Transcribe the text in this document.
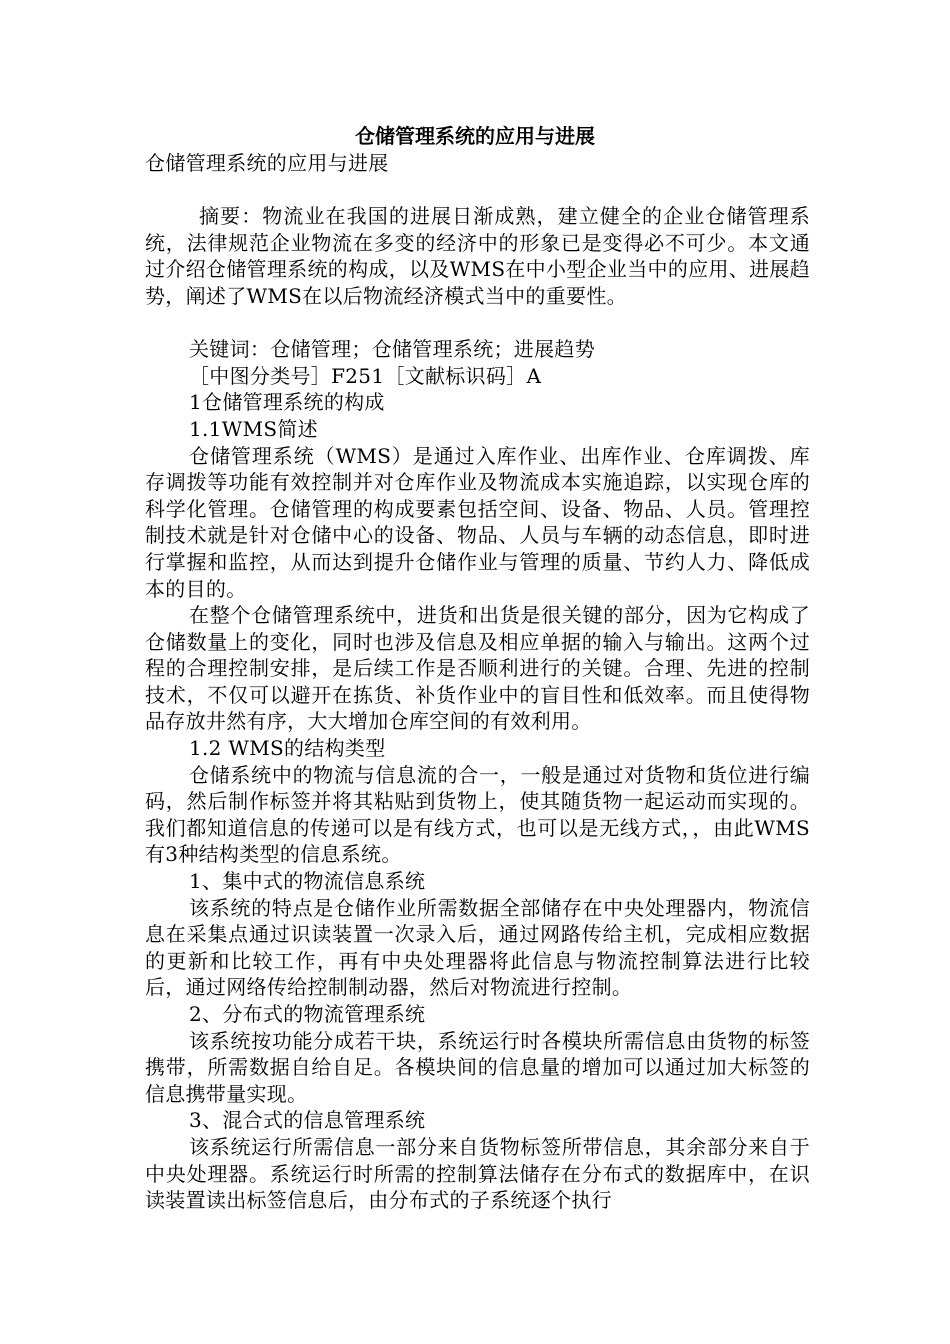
仓储管理系统的应用与进展

仓储管理系统的应用与进展

摘要：物流业在我国的进展日渐成熟，建立健全的企业仓储管理系统，法律规范企业物流在多变的经济中的形象已是变得必不可少。本文通过介绍仓储管理系统的构成，以及WMS在中小型企业当中的应用、进展趋势，阐述了WMS在以后物流经济模式当中的重要性。

关键词：仓储管理；仓储管理系统；进展趋势

［中图分类号］F251［文献标识码］A

1仓储管理系统的构成

1.1WMS简述

仓储管理系统（WMS）是通过入库作业、出库作业、仓库调拨、库存调拨等功能有效控制并对仓库作业及物流成本实施追踪，以实现仓库的科学化管理。仓储管理的构成要素包括空间、设备、物品、人员。管理控制技术就是针对仓储中心的设备、物品、人员与车辆的动态信息，即时进行掌握和监控，从而达到提升仓储作业与管理的质量、节约人力、降低成本的目的。

在整个仓储管理系统中，进货和出货是很关键的部分，因为它构成了仓储数量上的变化，同时也涉及信息及相应单据的输入与输出。这两个过程的合理控制安排，是后续工作是否顺利进行的关键。合理、先进的控制技术，不仅可以避开在拣货、补货作业中的盲目性和低效率。而且使得物品存放井然有序，大大增加仓库空间的有效利用。

1.2 WMS的结构类型

仓储系统中的物流与信息流的合一，一般是通过对货物和货位进行编码，然后制作标签并将其粘贴到货物上，使其随货物一起运动而实现的。我们都知道信息的传递可以是有线方式，也可以是无线方式，，由此WMS有3种结构类型的信息系统。

1、集中式的物流信息系统

该系统的特点是仓储作业所需数据全部储存在中央处理器内，物流信息在采集点通过识读装置一次录入后，通过网路传给主机，完成相应数据的更新和比较工作，再有中央处理器将此信息与物流控制算法进行比较后，通过网络传给控制制动器，然后对物流进行控制。

2、分布式的物流管理系统

该系统按功能分成若干块，系统运行时各模块所需信息由货物的标签携带，所需数据自给自足。各模块间的信息量的增加可以通过加大标签的信息携带量实现。

3、混合式的信息管理系统

该系统运行所需信息一部分来自货物标签所带信息，其余部分来自于中央处理器。系统运行时所需的控制算法储存在分布式的数据库中，在识读装置读出标签信息后，由分布式的子系统逐个执行
